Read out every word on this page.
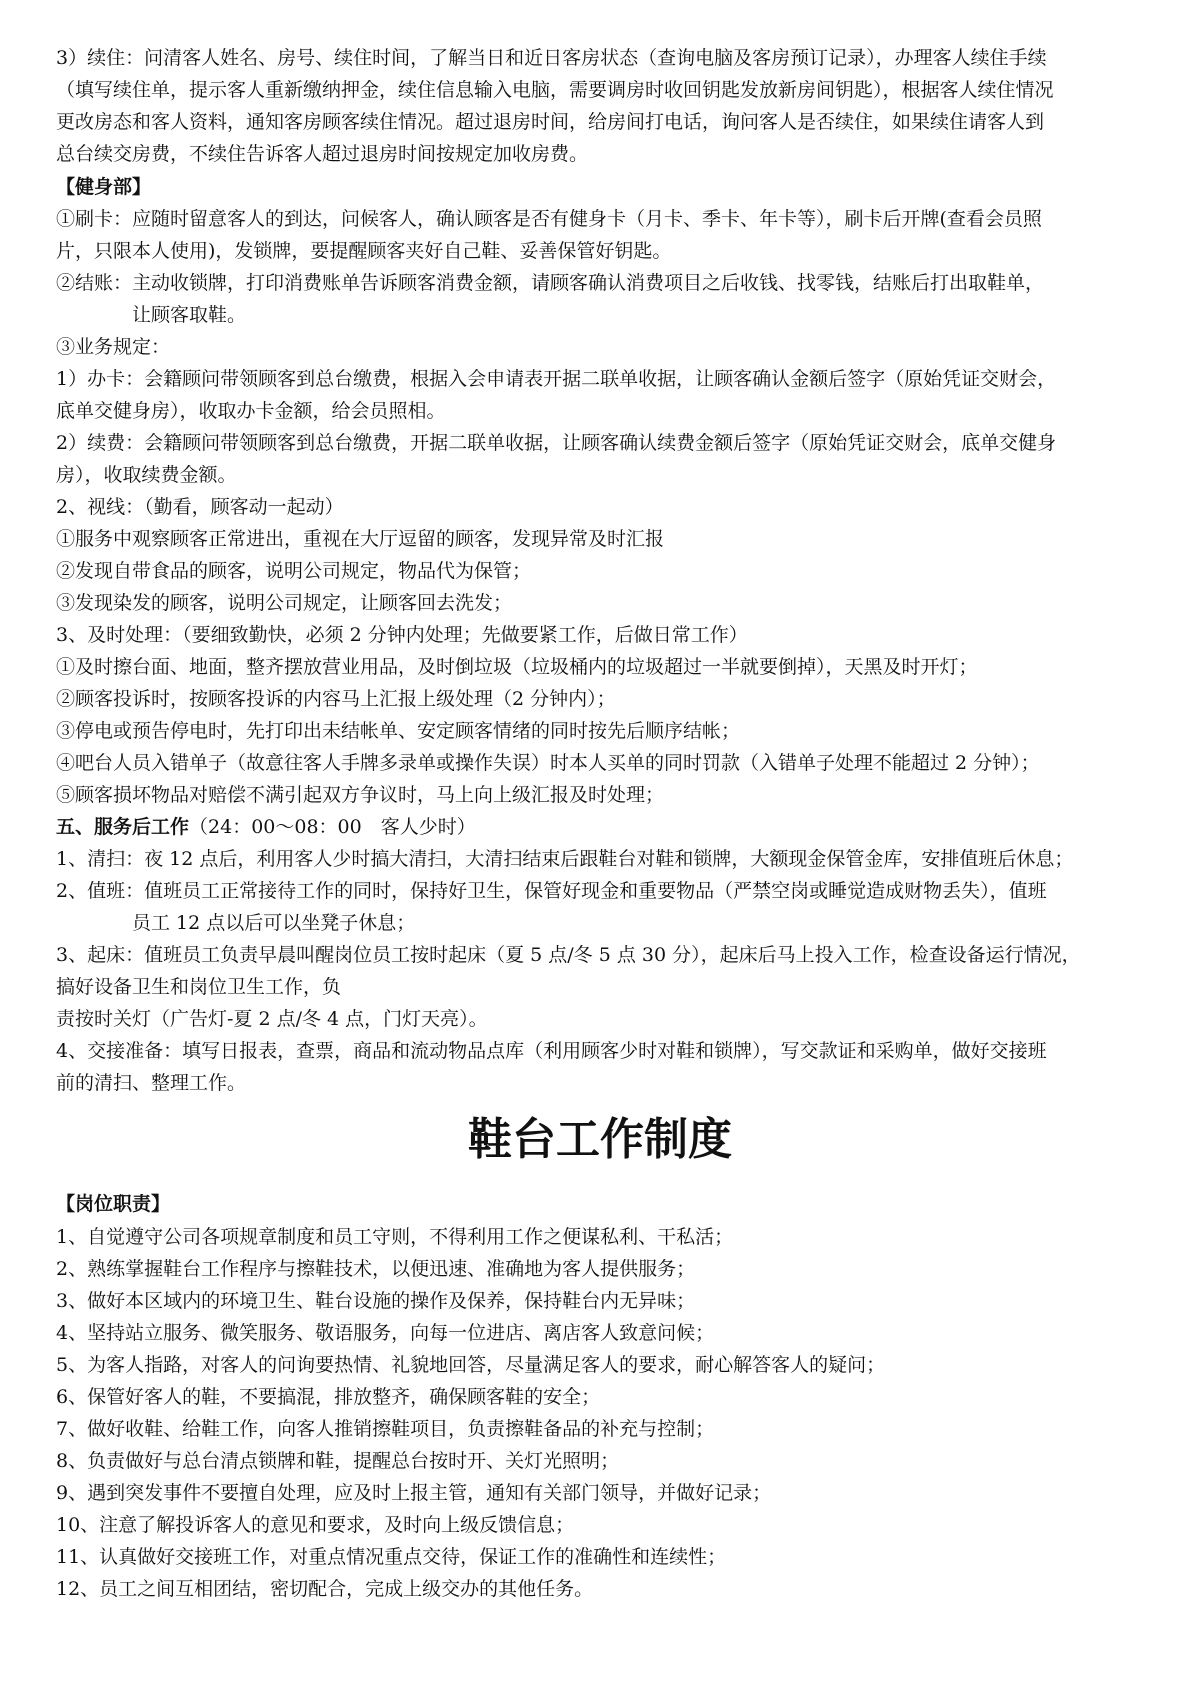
3）续住：问清客人姓名、房号、续住时间，了解当日和近日客房状态（查询电脑及客房预订记录），办理客人续住手续
（填写续住单，提示客人重新缴纳押金，续住信息输入电脑，需要调房时收回钥匙发放新房间钥匙），根据客人续住情况
更改房态和客人资料，通知客房顾客续住情况。超过退房时间，给房间打电话，询问客人是否续住，如果续住请客人到
总台续交房费，不续住告诉客人超过退房时间按规定加收房费。
【健身部】
①刷卡：应随时留意客人的到达，问候客人，确认顾客是否有健身卡（月卡、季卡、年卡等），刷卡后开牌(查看会员照
片，只限本人使用)，发锁牌，要提醒顾客夹好自己鞋、妥善保管好钥匙。
②结账：主动收锁牌，打印消费账单告诉顾客消费金额，请顾客确认消费项目之后收钱、找零钱，结账后打出取鞋单，
　　　　让顾客取鞋。
③业务规定：
1）办卡：会籍顾问带领顾客到总台缴费，根据入会申请表开据二联单收据，让顾客确认金额后签字（原始凭证交财会，
底单交健身房），收取办卡金额，给会员照相。
2）续费：会籍顾问带领顾客到总台缴费，开据二联单收据，让顾客确认续费金额后签字（原始凭证交财会，底单交健身
房），收取续费金额。
2、视线：（勤看，顾客动一起动）
①服务中观察顾客正常进出，重视在大厅逗留的顾客，发现异常及时汇报
②发现自带食品的顾客，说明公司规定，物品代为保管；
③发现染发的顾客，说明公司规定，让顾客回去洗发；
3、及时处理：（要细致勤快，必须 2 分钟内处理；先做要紧工作，后做日常工作）
①及时擦台面、地面，整齐摆放营业用品，及时倒垃圾（垃圾桶内的垃圾超过一半就要倒掉），天黑及时开灯；
②顾客投诉时，按顾客投诉的内容马上汇报上级处理（2 分钟内）；
③停电或预告停电时，先打印出未结帐单、安定顾客情绪的同时按先后顺序结帐；
④吧台人员入错单子（故意往客人手牌多录单或操作失误）时本人买单的同时罚款（入错单子处理不能超过 2 分钟）；
⑤顾客损坏物品对赔偿不满引起双方争议时，马上向上级汇报及时处理；
五、服务后工作（24：00～08：00　客人少时）
1、清扫：夜 12 点后，利用客人少时搞大清扫，大清扫结束后跟鞋台对鞋和锁牌，大额现金保管金库，安排值班后休息；
2、值班：值班员工正常接待工作的同时，保持好卫生，保管好现金和重要物品（严禁空岗或睡觉造成财物丢失），值班
　　　　员工 12 点以后可以坐凳子休息；
3、起床：值班员工负责早晨叫醒岗位员工按时起床（夏 5 点/冬 5 点 30 分），起床后马上投入工作，检查设备运行情况，
搞好设备卫生和岗位卫生工作，负
责按时关灯（广告灯-夏 2 点/冬 4 点，门灯天亮）。
4、交接准备：填写日报表，查票，商品和流动物品点库（利用顾客少时对鞋和锁牌），写交款证和采购单，做好交接班
前的清扫、整理工作。
鞋台工作制度
【岗位职责】
1、自觉遵守公司各项规章制度和员工守则，不得利用工作之便谋私利、干私活；
2、熟练掌握鞋台工作程序与擦鞋技术，以便迅速、准确地为客人提供服务；
3、做好本区域内的环境卫生、鞋台设施的操作及保养，保持鞋台内无异味；
4、坚持站立服务、微笑服务、敬语服务，向每一位进店、离店客人致意问候；
5、为客人指路，对客人的问询要热情、礼貌地回答，尽量满足客人的要求，耐心解答客人的疑问；
6、保管好客人的鞋，不要搞混，排放整齐，确保顾客鞋的安全；
7、做好收鞋、给鞋工作，向客人推销擦鞋项目，负责擦鞋备品的补充与控制；
8、负责做好与总台清点锁牌和鞋，提醒总台按时开、关灯光照明；
9、遇到突发事件不要擅自处理，应及时上报主管，通知有关部门领导，并做好记录；
10、注意了解投诉客人的意见和要求，及时向上级反馈信息；
11、认真做好交接班工作，对重点情况重点交待，保证工作的准确性和连续性；
12、员工之间互相团结，密切配合，完成上级交办的其他任务。
